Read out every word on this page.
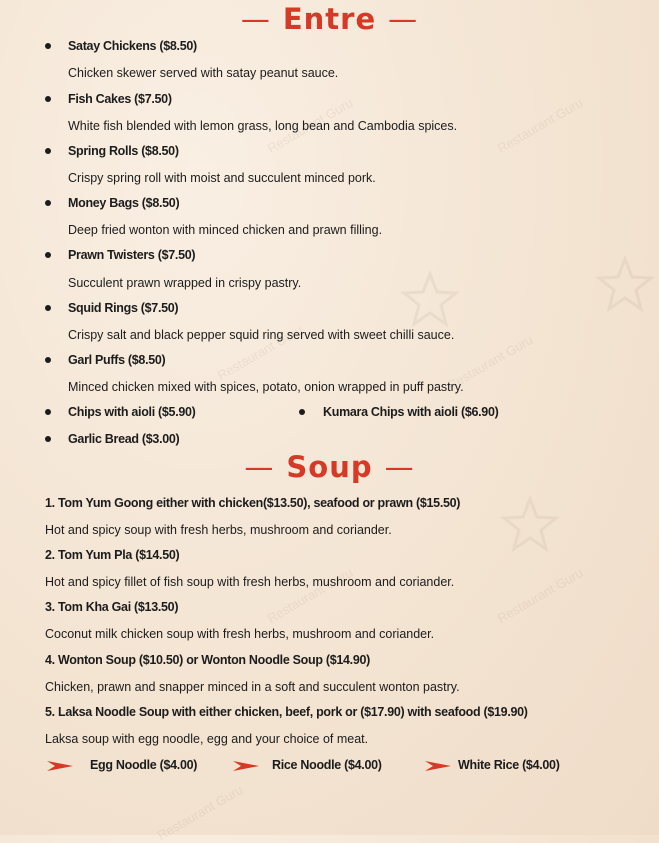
Restaurant Guru	Restaurant Guru
Restaurant Guru	Restaurant Guru
Restaurant Guru	Restaurant Guru
Restaurant Guru
— Entre —
Satay Chickens ($8.50)
Chicken skewer served with satay peanut sauce.
Fish Cakes ($7.50)
White fish blended with lemon grass, long bean and Cambodia spices.
Spring Rolls ($8.50)
Crispy spring roll with moist and succulent minced pork.
Money Bags ($8.50)
Deep fried wonton with minced chicken and prawn filling.
Prawn Twisters ($7.50)
Succulent prawn wrapped in crispy pastry.
Squid Rings ($7.50)
Crispy salt and black pepper squid ring served with sweet chilli sauce.
Garl Puffs ($8.50)
Minced chicken mixed with spices, potato, onion wrapped in puff pastry.
Chips with aioli ($5.90)	Kumara Chips with aioli ($6.90)
Garlic Bread ($3.00)
— Soup —
1. Tom Yum Goong either with chicken($13.50), seafood or prawn ($15.50)
Hot and spicy soup with fresh herbs, mushroom and coriander.
2. Tom Yum Pla ($14.50)
Hot and spicy fillet of fish soup with fresh herbs, mushroom and coriander.
3. Tom Kha Gai ($13.50)
Coconut milk chicken soup with fresh herbs, mushroom and coriander.
4. Wonton Soup ($10.50) or Wonton Noodle Soup ($14.90)
Chicken, prawn and snapper minced in a soft and succulent wonton pastry.
5. Laksa Noodle Soup with either chicken, beef, pork or ($17.90) with seafood ($19.90)
Laksa soup with egg noodle, egg and your choice of meat.
Egg Noodle ($4.00)	Rice Noodle ($4.00)	White Rice ($4.00)
